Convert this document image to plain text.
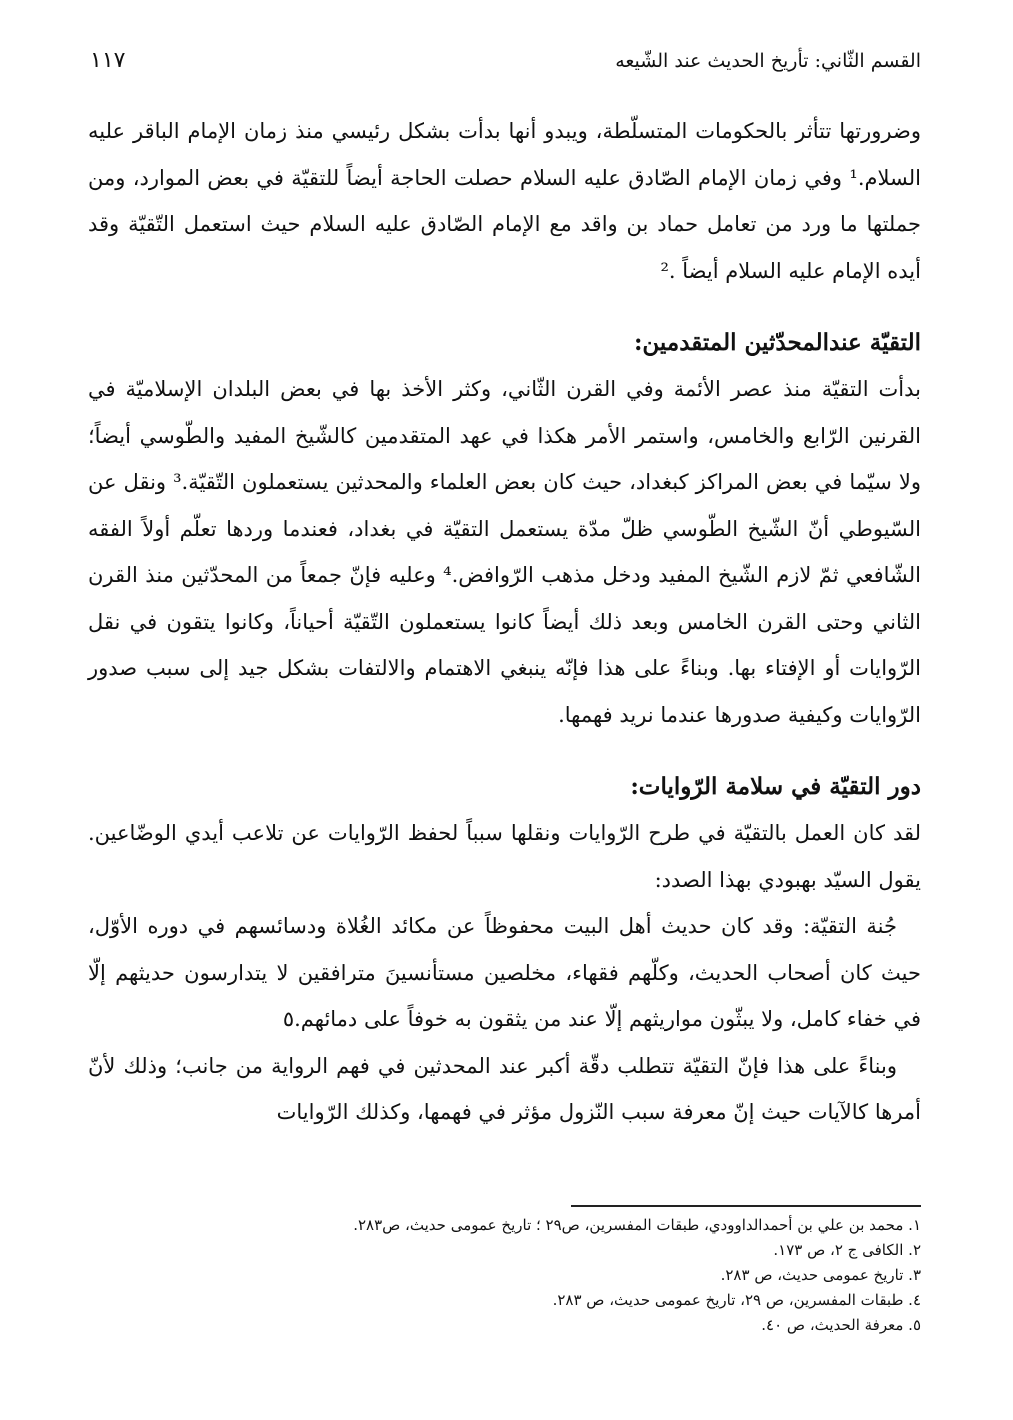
القسم الثّاني: تأريخ الحديث عند الشّيعه
١١٧

وضرورتها تتأثر بالحكومات المتسلّطة، ويبدو أنها بدأت بشكل رئيسي منذ زمان الإمام الباقر عليه السلام.¹ وفي زمان الإمام الصّادق عليه السلام حصلت الحاجة أيضاً للتقيّة في بعض الموارد، ومن جملتها ما ورد من تعامل حماد بن واقد مع الإمام الصّادق عليه السلام حيث استعمل التّقيّة وقد أيده الإمام عليه السلام أيضاً .²

التقيّة عندالمحدّثين المتقدمين:

بدأت التقيّة منذ عصر الأئمة وفي القرن الثّاني، وكثر الأخذ بها في بعض البلدان الإسلاميّة في القرنين الرّابع والخامس، واستمر الأمر هكذا في عهد المتقدمين كالشّيخ المفيد والطّوسي أيضاً؛ ولا سيّما في بعض المراكز كبغداد، حيث كان بعض العلماء والمحدثين يستعملون التّقيّة.³ ونقل عن السّيوطي أنّ الشّيخ الطّوسي ظلّ مدّة يستعمل التقيّة في بغداد، فعندما وردها تعلّم أولاً الفقه الشّافعي ثمّ لازم الشّيخ المفيد ودخل مذهب الرّوافض.⁴ وعليه فإنّ جمعاً من المحدّثين منذ القرن الثاني وحتى القرن الخامس وبعد ذلك أيضاً كانوا يستعملون التّقيّة أحياناً، وكانوا يتقون في نقل الرّوايات أو الإفتاء بها. وبناءً على هذا فإنّه ينبغي الاهتمام والالتفات بشكل جيد إلى سبب صدور الرّوايات وكيفية صدورها عندما نريد فهمها.

دور التقيّة في سلامة الرّوايات:

لقد كان العمل بالتقيّة في طرح الرّوايات ونقلها سبباً لحفظ الرّوايات عن تلاعب أيدي الوضّاعين. يقول السيّد بهبودي بهذا الصدد:

جُنة التقيّة: وقد كان حديث أهل البيت محفوظاً عن مكائد الغُلاة ودسائسهم في دوره الأوّل، حيث كان أصحاب الحديث، وكلّهم فقهاء، مخلصين مستأنسينَ مترافقين لا يتدارسون حديثهم إلّا في خفاء كامل، ولا يبثّون مواريثهم إلّا عند من يثقون به خوفاً على دمائهم.٥

وبناءً على هذا فإنّ التقيّة تتطلب دقّة أكبر عند المحدثين في فهم الرواية من جانب؛ وذلك لأنّ أمرها كالآيات حيث إنّ معرفة سبب النّزول مؤثر في فهمها، وكذلك الرّوايات

١. محمد بن علي بن أحمدالداوودي، طبقات المفسرين، ص٢٩ ؛ تاريخ عمومى حديث، ص٢٨٣.
٢. الكافى ج ٢، ص ١٧٣.
٣. تاريخ عمومى حديث، ص ٢٨٣.
٤. طبقات المفسرين، ص ٢٩، تاريخ عمومى حديث، ص ٢٨٣.
٥. معرفة الحديث، ص ٤٠.
